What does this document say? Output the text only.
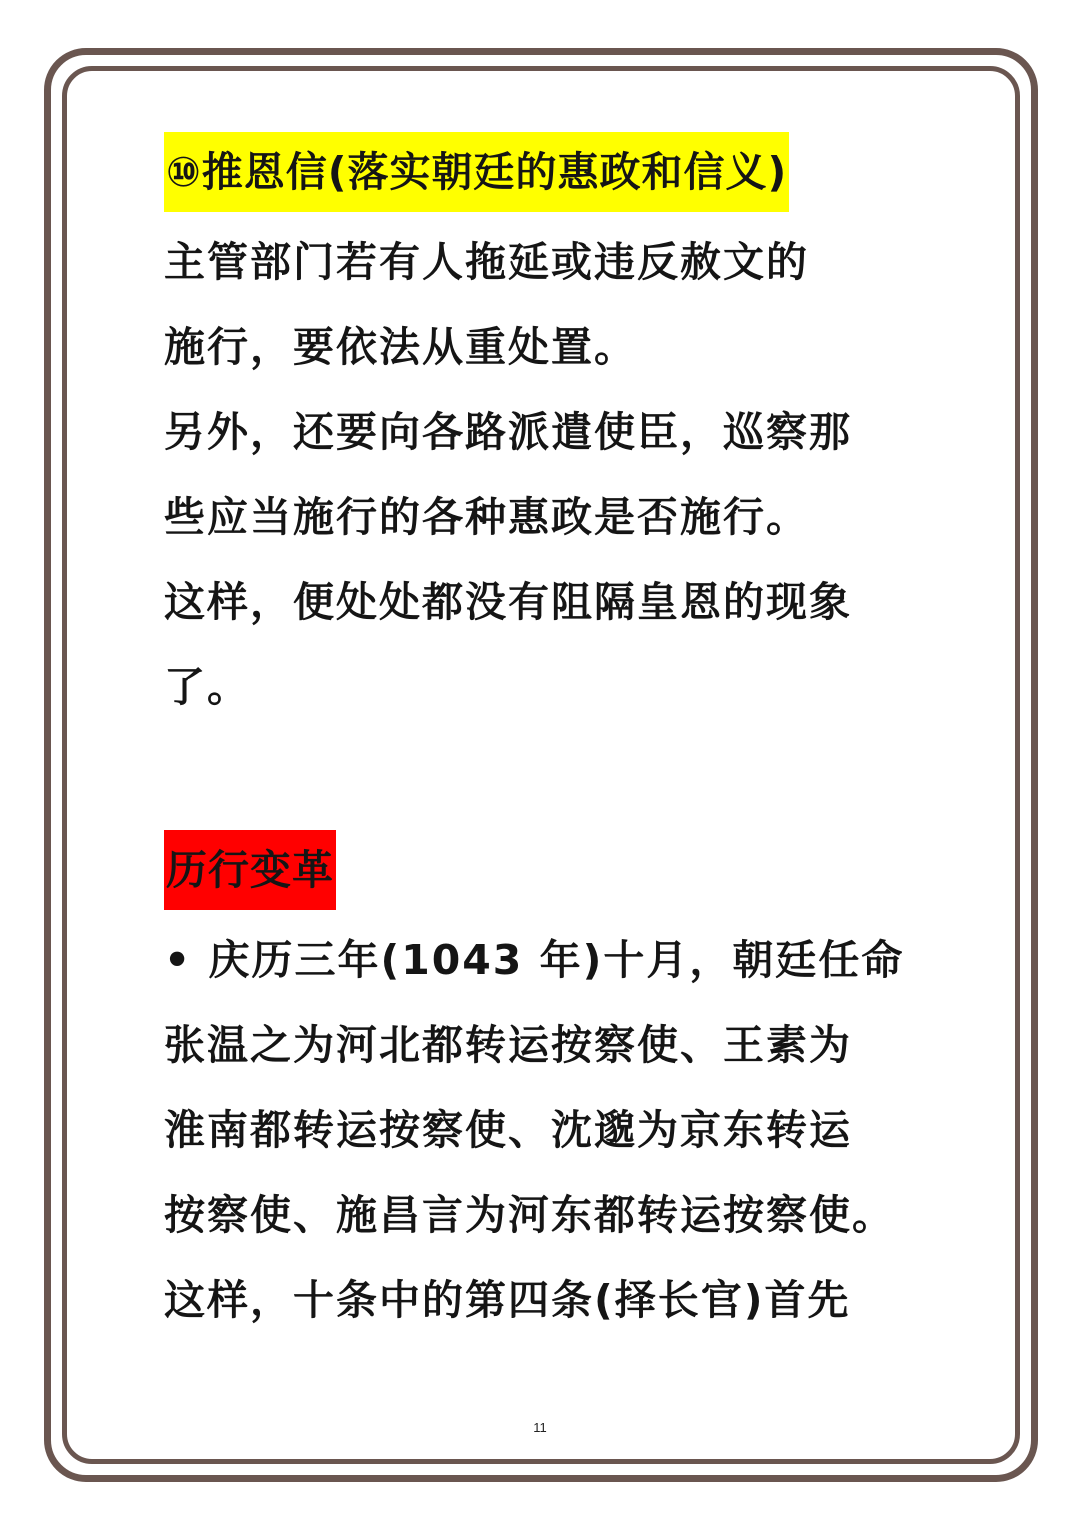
⑩推恩信(落实朝廷的惠政和信义)
主管部门若有人拖延或违反赦文的
施行，要依法从重处置。
另外，还要向各路派遣使臣，巡察那
些应当施行的各种惠政是否施行。
这样，便处处都没有阻隔皇恩的现象
了。
历行变革
• 庆历三年(1043 年)十月，朝廷任命
张温之为河北都转运按察使、王素为
淮南都转运按察使、沈邈为京东转运
按察使、施昌言为河东都转运按察使。
这样，十条中的第四条(择长官)首先
11
